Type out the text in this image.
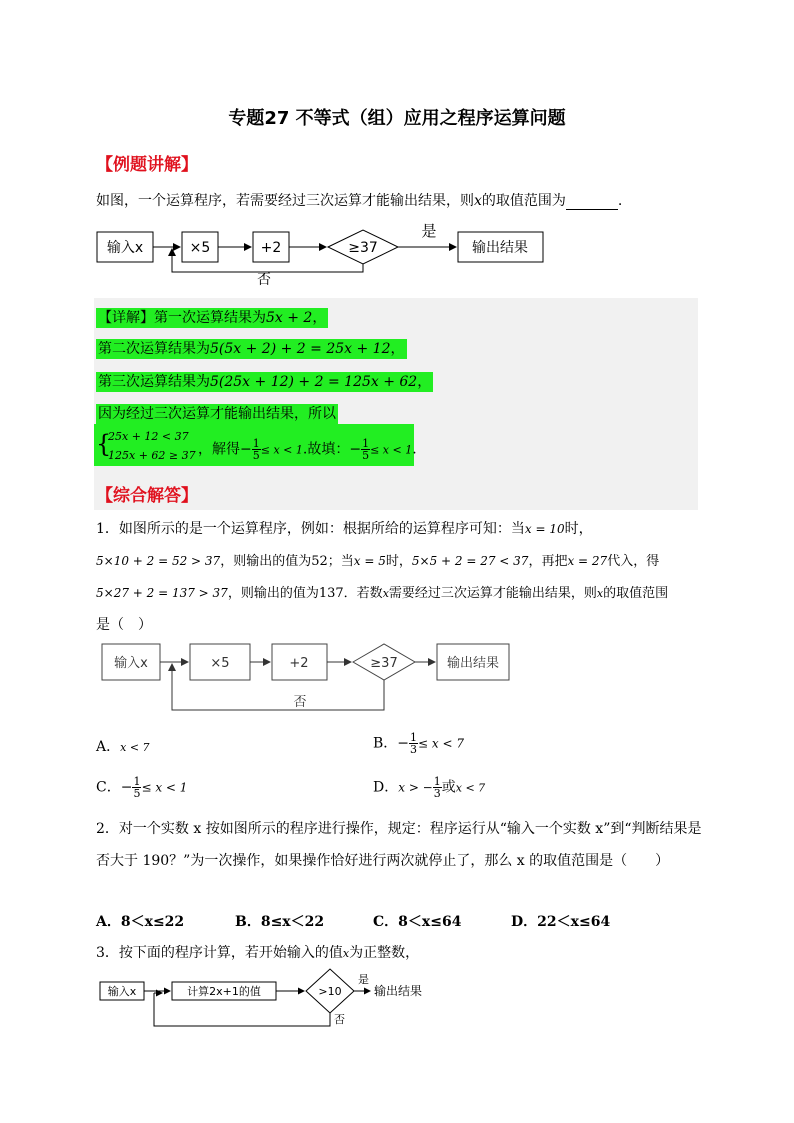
专题27 不等式（组）应用之程序运算问题
【例题讲解】
如图，一个运算程序，若需要经过三次运算才能输出结果，则x的取值范围为	.
输入x	×5	+2	≥37
是
输出结果
否
【详解】第一次运算结果为5x + 2，
第二次运算结果为5(5x + 2) + 2 = 25x + 12，
第三次运算结果为5(25x + 12) + 2 = 125x + 62，
因为经过三次运算才能输出结果，所以
{
25x + 12 < 37
125x + 62 ≥ 37 ，解得− $\frac{1}{5} \le x < 1$.故填：− $\frac{1}{5} \le x < 1$.
【综合解答】
1．如图所示的是一个运算程序，例如：根据所给的运算程序可知：当x = 10时，
5×10 + 2 = 52 > 37，则输出的值为52；当x = 5时，5×5 + 2 = 27 < 37，再把x = 27代入，得
5×27 + 2 = 137 > 37，则输出的值为137．若数x需要经过三次运算才能输出结果，则x的取值范围
是（　）
输入x	×5	+2	≥37	输出结果
否
A．x < 7	B．− $\frac{1}{3} \le x < 7$
C．− $\frac{1}{5} \le x < 1$	D．x > − $\frac{1}{3}$ 或x < 7
2．对一个实数 x 按如图所示的程序进行操作，规定：程序运行从“输入一个实数 x”到“判断结果是
否大于 190？”为一次操作，如果操作恰好进行两次就停止了，那么 x 的取值范围是（　　）
A．8＜x≤22	B．8≤x＜22	C．8＜x≤64	D．22＜x≤64
3．按下面的程序计算，若开始输入的值x为正整数，
输入x	计算2x+1的值	>10
是
输出结果
否
